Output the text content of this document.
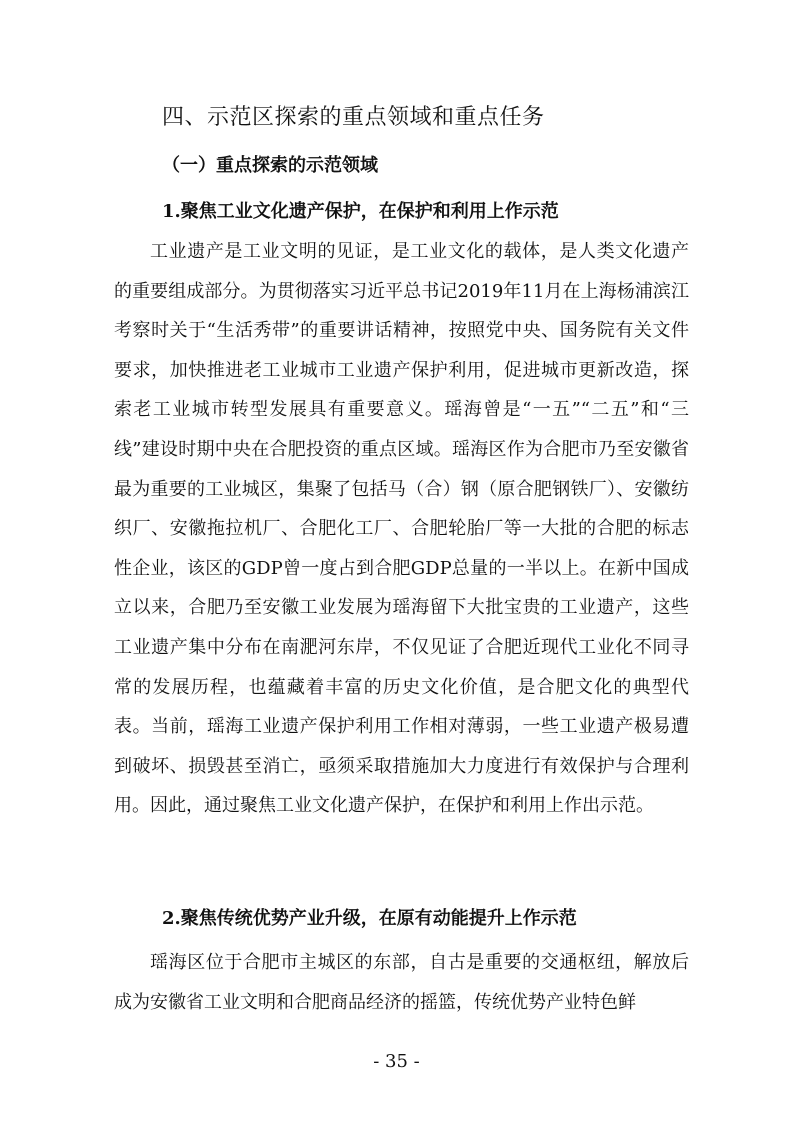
四、示范区探索的重点领域和重点任务
（一）重点探索的示范领域
1.聚焦工业文化遗产保护，在保护和利用上作示范

工业遗产是工业文明的见证，是工业文化的载体，是人类文化遗产的重要组成部分。为贯彻落实习近平总书记2019年11月在上海杨浦滨江考察时关于“生活秀带”的重要讲话精神，按照党中央、国务院有关文件要求，加快推进老工业城市工业遗产保护利用，促进城市更新改造，探索老工业城市转型发展具有重要意义。瑶海曾是“一五”“二五”和“三线”建设时期中央在合肥投资的重点区域。瑶海区作为合肥市乃至安徽省最为重要的工业城区，集聚了包括马（合）钢（原合肥钢铁厂）、安徽纺织厂、安徽拖拉机厂、合肥化工厂、合肥轮胎厂等一大批的合肥的标志性企业，该区的GDP曾一度占到合肥GDP总量的一半以上。在新中国成立以来，合肥乃至安徽工业发展为瑶海留下大批宝贵的工业遗产，这些工业遗产集中分布在南淝河东岸，不仅见证了合肥近现代工业化不同寻常的发展历程，也蕴藏着丰富的历史文化价值，是合肥文化的典型代表。当前，瑶海工业遗产保护利用工作相对薄弱，一些工业遗产极易遭到破坏、损毁甚至消亡，亟须采取措施加大力度进行有效保护与合理利用。因此，通过聚焦工业文化遗产保护，在保护和利用上作出示范。

2.聚焦传统优势产业升级，在原有动能提升上作示范

瑶海区位于合肥市主城区的东部，自古是重要的交通枢纽，解放后成为安徽省工业文明和合肥商品经济的摇篮，传统优势产业特色鲜

- 35 -
